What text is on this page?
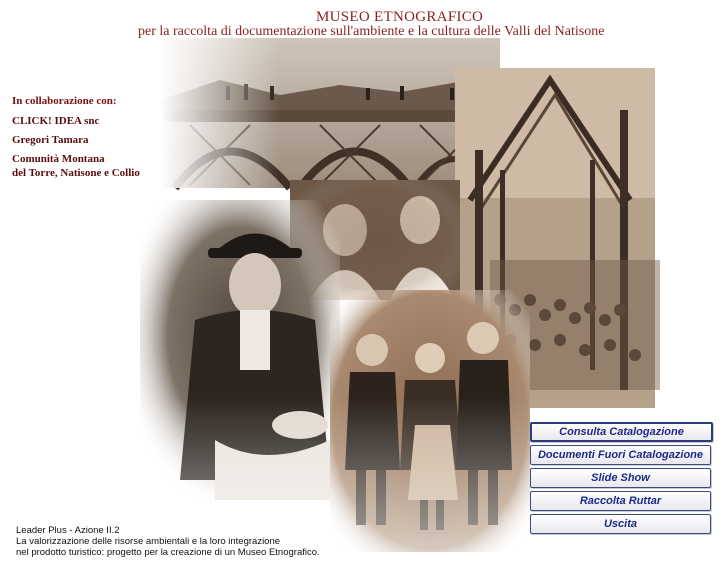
In collaborazione con:
CLICK! IDEA snc
Gregori Tamara
Comunità Montana
del Torre, Natisone e Collio
Consulta Catalogazione
Documenti Fuori Catalogazione
Slide Show
Raccolta Ruttar
Uscita
Leader Plus - Azione II.2
La valorizzazione delle risorse ambientali e la loro integrazione
nel prodotto turistico: progetto per la creazione di un Museo Etnografico.
